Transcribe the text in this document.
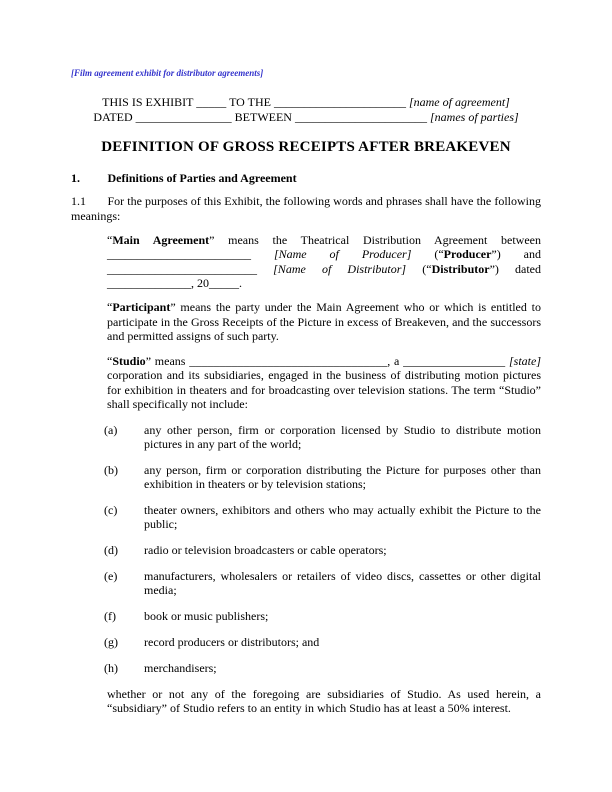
[Film agreement exhibit for distributor agreements]
THIS IS EXHIBIT _____ TO THE ______________________ [name of agreement]
DATED ________________ BETWEEN ______________________ [names of parties]
DEFINITION OF GROSS RECEIPTS AFTER BREAKEVEN
1. Definitions of Parties and Agreement

1.1 For the purposes of this Exhibit, the following words and phrases shall have the following meanings:

“Main Agreement” means the Theatrical Distribution Agreement between ________________________ [Name of Producer] (“Producer”) and _________________________ [Name of Distributor] (“Distributor”) dated ______________, 20_____.

“Participant” means the party under the Main Agreement who or which is entitled to participate in the Gross Receipts of the Picture in excess of Breakeven, and the successors and permitted assigns of such party.

“Studio” means _________________________________, a _________________ [state] corporation and its subsidiaries, engaged in the business of distributing motion pictures for exhibition in theaters and for broadcasting over television stations. The term “Studio” shall specifically not include:

(a)	any other person, firm or corporation licensed by Studio to distribute motion pictures in any part of the world;
(b)	any person, firm or corporation distributing the Picture for purposes other than exhibition in theaters or by television stations;
(c)	theater owners, exhibitors and others who may actually exhibit the Picture to the public;
(d)	radio or television broadcasters or cable operators;
(e)	manufacturers, wholesalers or retailers of video discs, cassettes or other digital media;
(f)	book or music publishers;
(g)	record producers or distributors; and
(h)	merchandisers;

whether or not any of the foregoing are subsidiaries of Studio. As used herein, a “subsidiary” of Studio refers to an entity in which Studio has at least a 50% interest.
